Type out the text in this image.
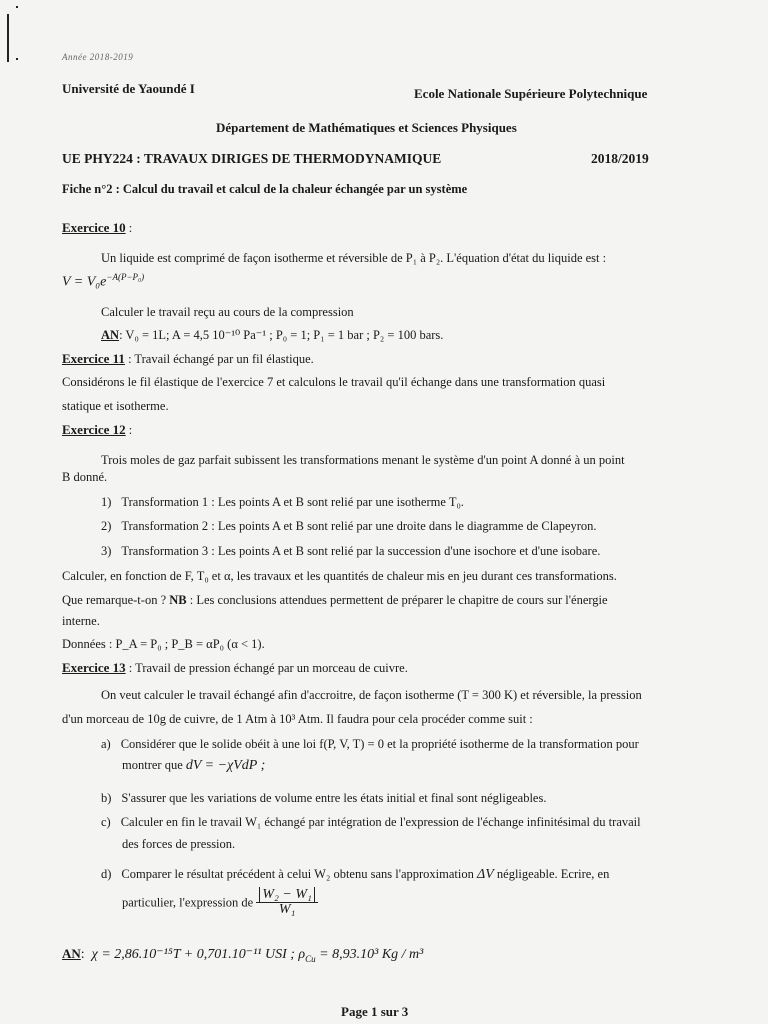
Année 2018-2019
Université de Yaoundé I	Ecole Nationale Supérieure Polytechnique
Département de Mathématiques et Sciences Physiques
UE PHY224 : TRAVAUX DIRIGES DE THERMODYNAMIQUE	2018/2019
Fiche n°2 : Calcul du travail et calcul de la chaleur échangée par un système
Exercice 10 :
Un liquide est comprimé de façon isotherme et réversible de P₁ à P₂. L'équation d'état du liquide est :
$V = V_0e^{-A(P-P_0)}$
Calculer le travail reçu au cours de la compression
AN: V₀ = 1L; A = 4,5 10⁻¹⁰ Pa⁻¹ ; P₀ = 1; P₁ = 1 bar ; P₂ = 100 bars.
Exercice 11 : Travail échangé par un fil élastique.
Considérons le fil élastique de l'exercice 7 et calculons le travail qu'il échange dans une transformation quasi
statique et isotherme.
Exercice 12 :
Trois moles de gaz parfait subissent les transformations menant le système d'un point A donné à un point
B donné.
1) Transformation 1 : Les points A et B sont relié par une isotherme T₀.
2) Transformation 2 : Les points A et B sont relié par une droite dans le diagramme de Clapeyron.
3) Transformation 3 : Les points A et B sont relié par la succession d'une isochore et d'une isobare.
Calculer, en fonction de F, T₀ et α, les travaux et les quantités de chaleur mis en jeu durant ces transformations.
Que remarque-t-on ? NB : Les conclusions attendues permettent de préparer le chapitre de cours sur l'énergie
interne.
Données : P_A = P₀ ; P_B = αP₀ (α < 1).
Exercice 13 : Travail de pression échangé par un morceau de cuivre.
On veut calculer le travail échangé afin d'accroitre, de façon isotherme (T = 300 K) et réversible, la pression
d'un morceau de 10g de cuivre, de 1 Atm à 10³ Atm. Il faudra pour cela procéder comme suit :
a) Considérer que le solide obéit à une loi f(P, V, T) = 0 et la propriété isotherme de la transformation pour
montrer que dV = −χVdP ;
b) S'assurer que les variations de volume entre les états initial et final sont négligeables.
c) Calculer en fin le travail W₁ échangé par intégration de l'expression de l'échange infinitésimal du travail
des forces de pression.
d) Comparer le résultat précédent à celui W₂ obtenu sans l'approximation ΔV négligeable. Ecrire, en
particulier, l'expression de $\frac{\text{W₂ − W₁}}{\text{W₁}}$
AN:  χ = 2,86.10⁻¹⁵T + 0,701.10⁻¹¹ USI ; $\rho_{Cu} = 8,93.10^3$ Kg / m³
Page 1 sur 3
